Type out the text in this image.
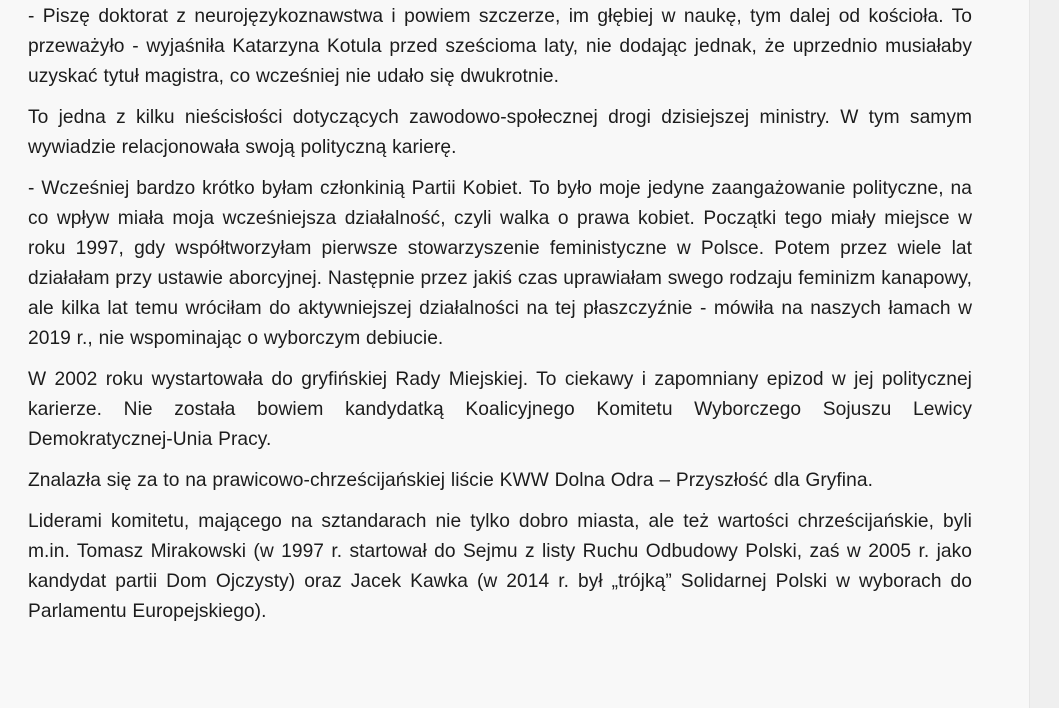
- Piszę doktorat z neurojęzykoznawstwa i powiem szczerze, im głębiej w naukę, tym dalej od kościoła. To przeważyło - wyjaśniła Katarzyna Kotula przed sześcioma laty, nie dodając jednak, że uprzednio musiałaby uzyskać tytuł magistra, co wcześniej nie udało się dwukrotnie.

To jedna z kilku nieścisłości dotyczących zawodowo-społecznej drogi dzisiejszej ministry. W tym samym wywiadzie relacjonowała swoją polityczną karierę.

- Wcześniej bardzo krótko byłam członkinią Partii Kobiet. To było moje jedyne zaangażowanie polityczne, na co wpływ miała moja wcześniejsza działalność, czyli walka o prawa kobiet. Początki tego miały miejsce w roku 1997, gdy współtworzyłam pierwsze stowarzyszenie feministyczne w Polsce. Potem przez wiele lat działałam przy ustawie aborcyjnej. Następnie przez jakiś czas uprawiałam swego rodzaju feminizm kanapowy, ale kilka lat temu wróciłam do aktywniejszej działalności na tej płaszczyźnie - mówiła na naszych łamach w 2019 r., nie wspominając o wyborczym debiucie.

W 2002 roku wystartowała do gryfińskiej Rady Miejskiej. To ciekawy i zapomniany epizod w jej politycznej karierze. Nie została bowiem kandydatką Koalicyjnego Komitetu Wyborczego Sojuszu Lewicy Demokratycznej-Unia Pracy.

Znalazła się za to na prawicowo-chrześcijańskiej liście KWW Dolna Odra – Przyszłość dla Gryfina.

Liderami komitetu, mającego na sztandarach nie tylko dobro miasta, ale też wartości chrześcijańskie, byli m.in. Tomasz Mirakowski (w 1997 r. startował do Sejmu z listy Ruchu Odbudowy Polski, zaś w 2005 r. jako kandydat partii Dom Ojczysty) oraz Jacek Kawka (w 2014 r. był „trójką” Solidarnej Polski w wyborach do Parlamentu Europejskiego).
